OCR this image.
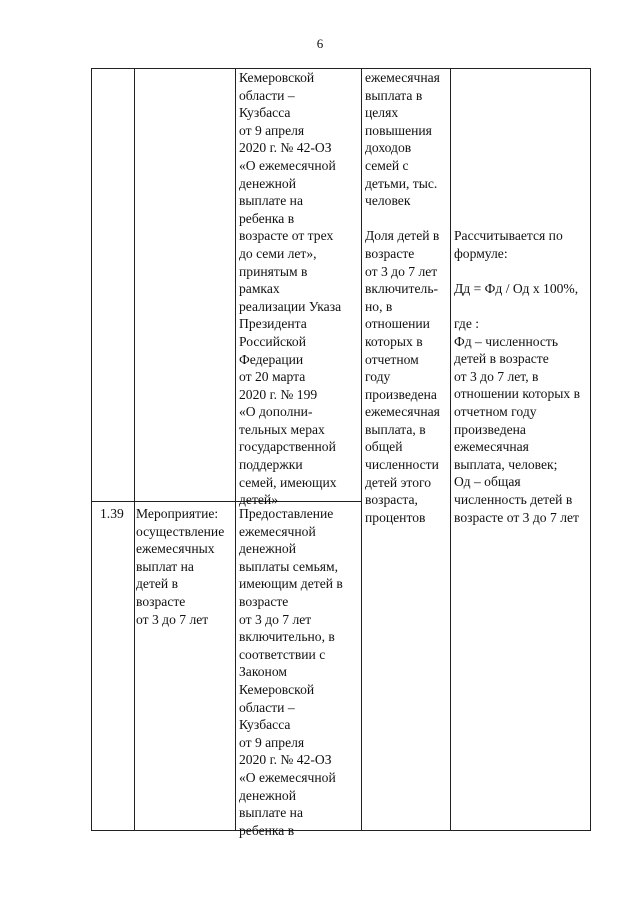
6
Кемеровской
области –
Кузбасса
от 9 апреля
2020 г. № 42-ОЗ
«О ежемесячной
денежной
выплате на
ребенка в
возрасте от трех
до семи лет»,
принятым в
рамках
реализации Указа
Президента
Российской
Федерации
от 20 марта
2020 г. № 199
«О дополни-
тельных мерах
государственной
поддержки
семей, имеющих
детей»
ежемесячная
выплата в
целях
повышения
доходов
семей с
детьми, тыс.
человек

Доля детей в
возрасте
от 3 до 7 лет
включитель-
но, в
отношении
которых в
отчетном
году
произведена
ежемесячная
выплата, в
общей
численности
детей этого
возраста,
процентов
Рассчитывается по
формуле:

Дд = Фд / Од х 100%,

где :
Фд – численность
детей в возрасте
от 3 до 7 лет, в
отношении которых в
отчетном году
произведена
ежемесячная
выплата, человек;
Од – общая
численность детей в
возрасте от 3 до 7 лет
1.39 Мероприятие:
осуществление
ежемесячных
выплат на
детей в
возрасте
от 3 до 7 лет
Предоставление
ежемесячной
денежной
выплаты семьям,
имеющим детей в
возрасте
от 3 до 7 лет
включительно, в
соответствии с
Законом
Кемеровской
области –
Кузбасса
от 9 апреля
2020 г. № 42-ОЗ
«О ежемесячной
денежной
выплате на
ребенка в
